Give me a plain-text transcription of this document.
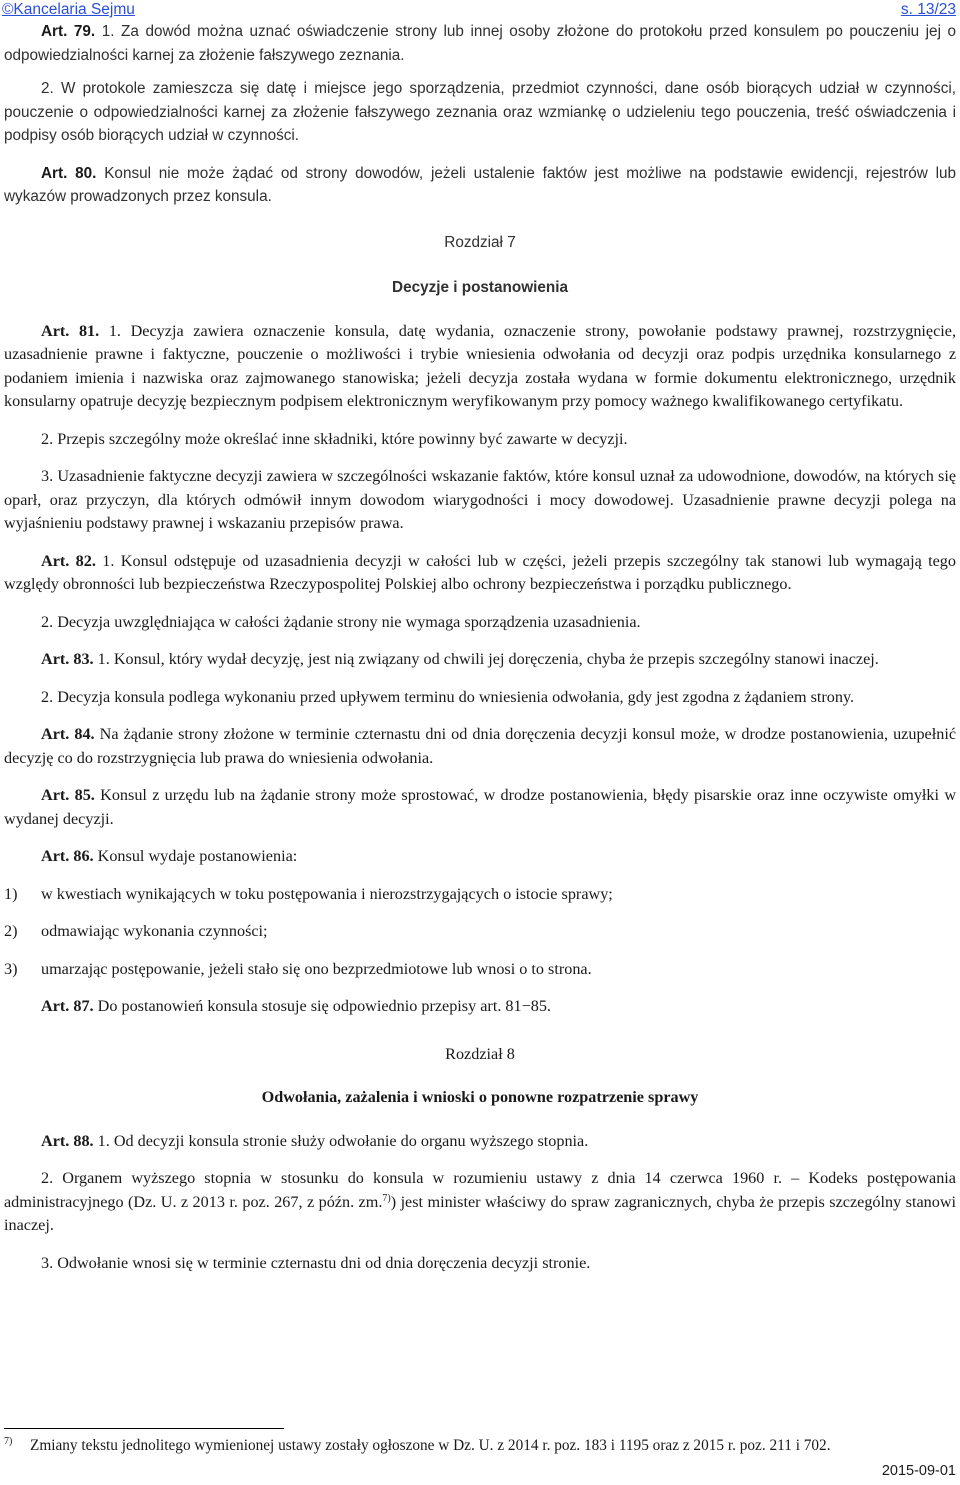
©Kancelaria Sejmu	s. 13/23

Art. 79. 1. Za dowód można uznać oświadczenie strony lub innej osoby złożone do protokołu przed konsulem po pouczeniu jej o odpowiedzialności karnej za złożenie fałszywego zeznania.

2. W protokole zamieszcza się datę i miejsce jego sporządzenia, przedmiot czynności, dane osób biorących udział w czynności, pouczenie o odpowiedzialności karnej za złożenie fałszywego zeznania oraz wzmiankę o udzieleniu tego pouczenia, treść oświadczenia i podpisy osób biorących udział w czynności.

Art. 80. Konsul nie może żądać od strony dowodów, jeżeli ustalenie faktów jest możliwe na podstawie ewidencji, rejestrów lub wykazów prowadzonych przez konsula.

Rozdział 7

Decyzje i postanowienia

Art. 81. 1. Decyzja zawiera oznaczenie konsula, datę wydania, oznaczenie strony, powołanie podstawy prawnej, rozstrzygnięcie, uzasadnienie prawne i faktyczne, pouczenie o możliwości i trybie wniesienia odwołania od decyzji oraz podpis urzędnika konsularnego z podaniem imienia i nazwiska oraz zajmowanego stanowiska; jeżeli decyzja została wydana w formie dokumentu elektronicznego, urzędnik konsularny opatruje decyzję bezpiecznym podpisem elektronicznym weryfikowanym przy pomocy ważnego kwalifikowanego certyfikatu.

2. Przepis szczególny może określać inne składniki, które powinny być zawarte w decyzji.

3. Uzasadnienie faktyczne decyzji zawiera w szczególności wskazanie faktów, które konsul uznał za udowodnione, dowodów, na których się oparł, oraz przyczyn, dla których odmówił innym dowodom wiarygodności i mocy dowodowej. Uzasadnienie prawne decyzji polega na wyjaśnieniu podstawy prawnej i wskazaniu przepisów prawa.

Art. 82. 1. Konsul odstępuje od uzasadnienia decyzji w całości lub w części, jeżeli przepis szczególny tak stanowi lub wymagają tego względy obronności lub bezpieczeństwa Rzeczypospolitej Polskiej albo ochrony bezpieczeństwa i porządku publicznego.

2. Decyzja uwzględniająca w całości żądanie strony nie wymaga sporządzenia uzasadnienia.

Art. 83. 1. Konsul, który wydał decyzję, jest nią związany od chwili jej doręczenia, chyba że przepis szczególny stanowi inaczej.

2. Decyzja konsula podlega wykonaniu przed upływem terminu do wniesienia odwołania, gdy jest zgodna z żądaniem strony.

Art. 84. Na żądanie strony złożone w terminie czternastu dni od dnia doręczenia decyzji konsul może, w drodze postanowienia, uzupełnić decyzję co do rozstrzygnięcia lub prawa do wniesienia odwołania.

Art. 85. Konsul z urzędu lub na żądanie strony może sprostować, w drodze postanowienia, błędy pisarskie oraz inne oczywiste omyłki w wydanej decyzji.

Art. 86. Konsul wydaje postanowienia:

1) w kwestiach wynikających w toku postępowania i nierozstrzygających o istocie sprawy;

2) odmawiając wykonania czynności;

3) umarzając postępowanie, jeżeli stało się ono bezprzedmiotowe lub wnosi o to strona.

Art. 87. Do postanowień konsula stosuje się odpowiednio przepisy art. 81−85.

Rozdział 8

Odwołania, zażalenia i wnioski o ponowne rozpatrzenie sprawy

Art. 88. 1. Od decyzji konsula stronie służy odwołanie do organu wyższego stopnia.

2. Organem wyższego stopnia w stosunku do konsula w rozumieniu ustawy z dnia 14 czerwca 1960 r. – Kodeks postępowania administracyjnego (Dz. U. z 2013 r. poz. 267, z późn. zm.$^{7)}$) jest minister właściwy do spraw zagranicznych, chyba że przepis szczególny stanowi inaczej.

3. Odwołanie wnosi się w terminie czternastu dni od dnia doręczenia decyzji stronie.

7) Zmiany tekstu jednolitego wymienionej ustawy zostały ogłoszone w Dz. U. z 2014 r. poz. 183 i 1195 oraz z 2015 r. poz. 211 i 702.
2015-09-01
